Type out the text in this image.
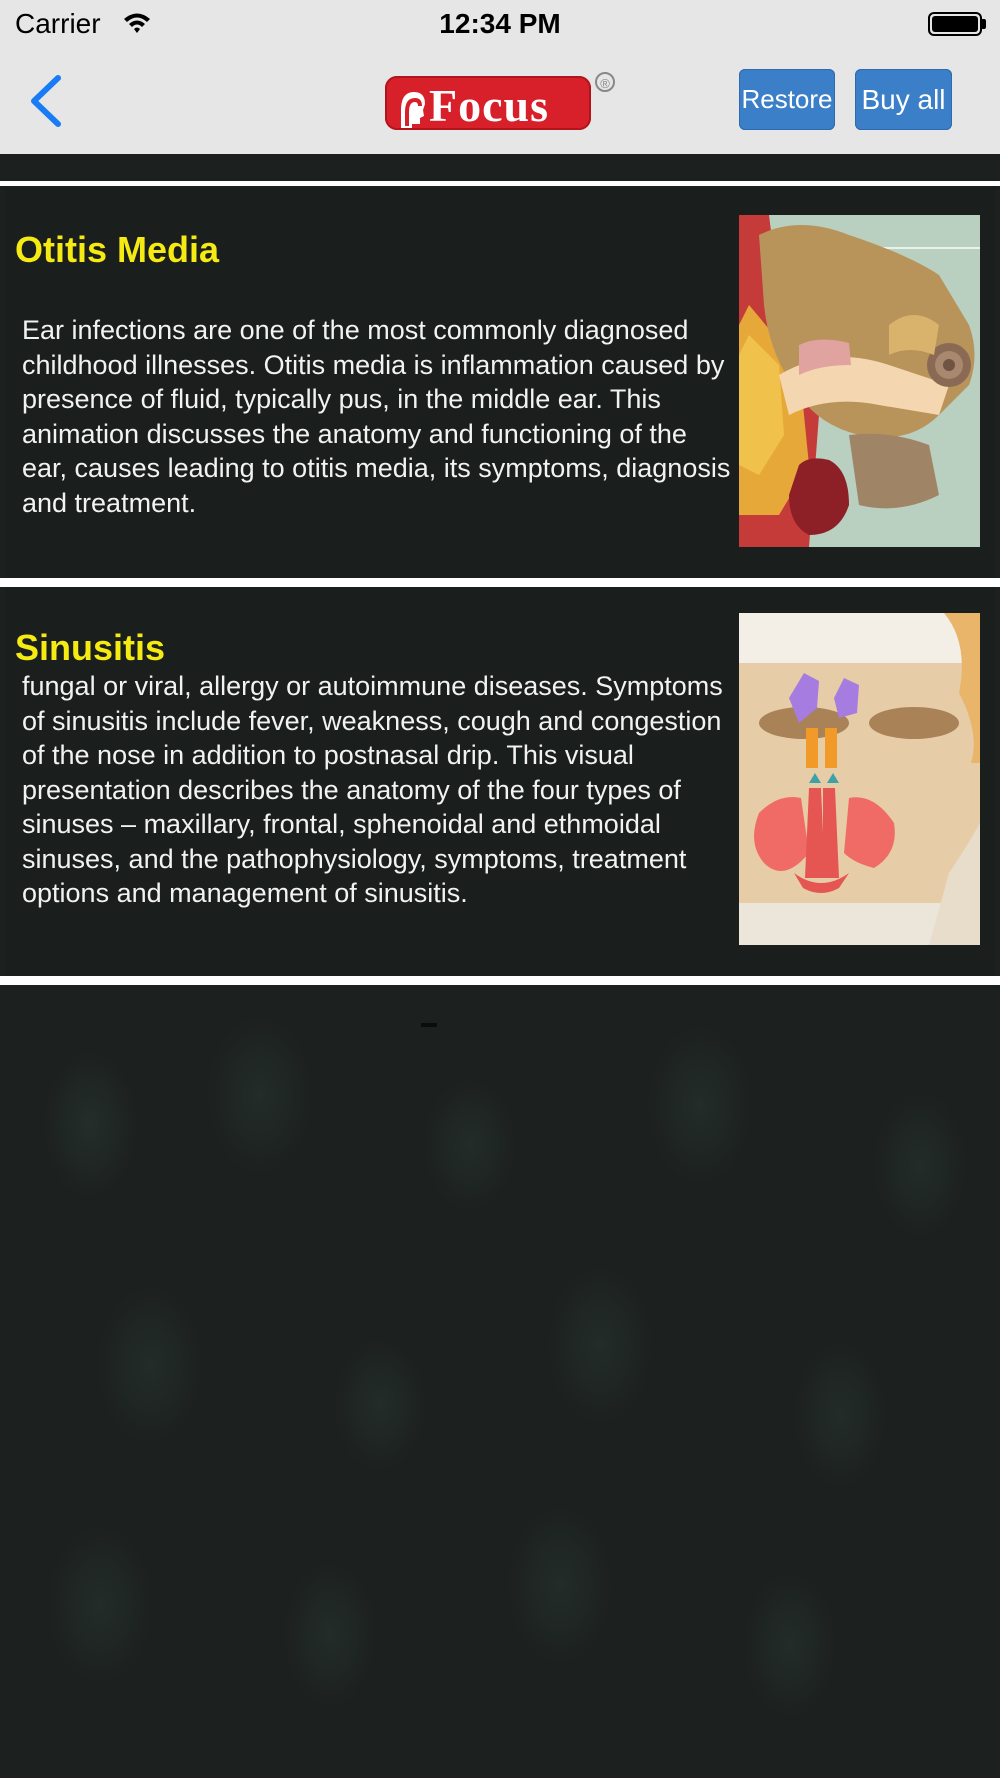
Carrier	12:34 PM
Focus	®
Restore Buy all
Otitis Media
Ear infections are one of the most commonly diagnosed childhood illnesses. Otitis media is inflammation caused by presence of fluid, typically pus, in the middle ear. This animation discusses the anatomy and functioning of the ear, causes leading to otitis media, its symptoms, diagnosis and treatment.
Sinusitis
fungal or viral, allergy or autoimmune diseases. Symptoms of sinusitis include fever, weakness, cough and congestion of the nose in addition to postnasal drip. This visual presentation describes the anatomy of the four types of sinuses – maxillary, frontal, sphenoidal and ethmoidal sinuses, and the pathophysiology, symptoms, treatment options and management of sinusitis.
